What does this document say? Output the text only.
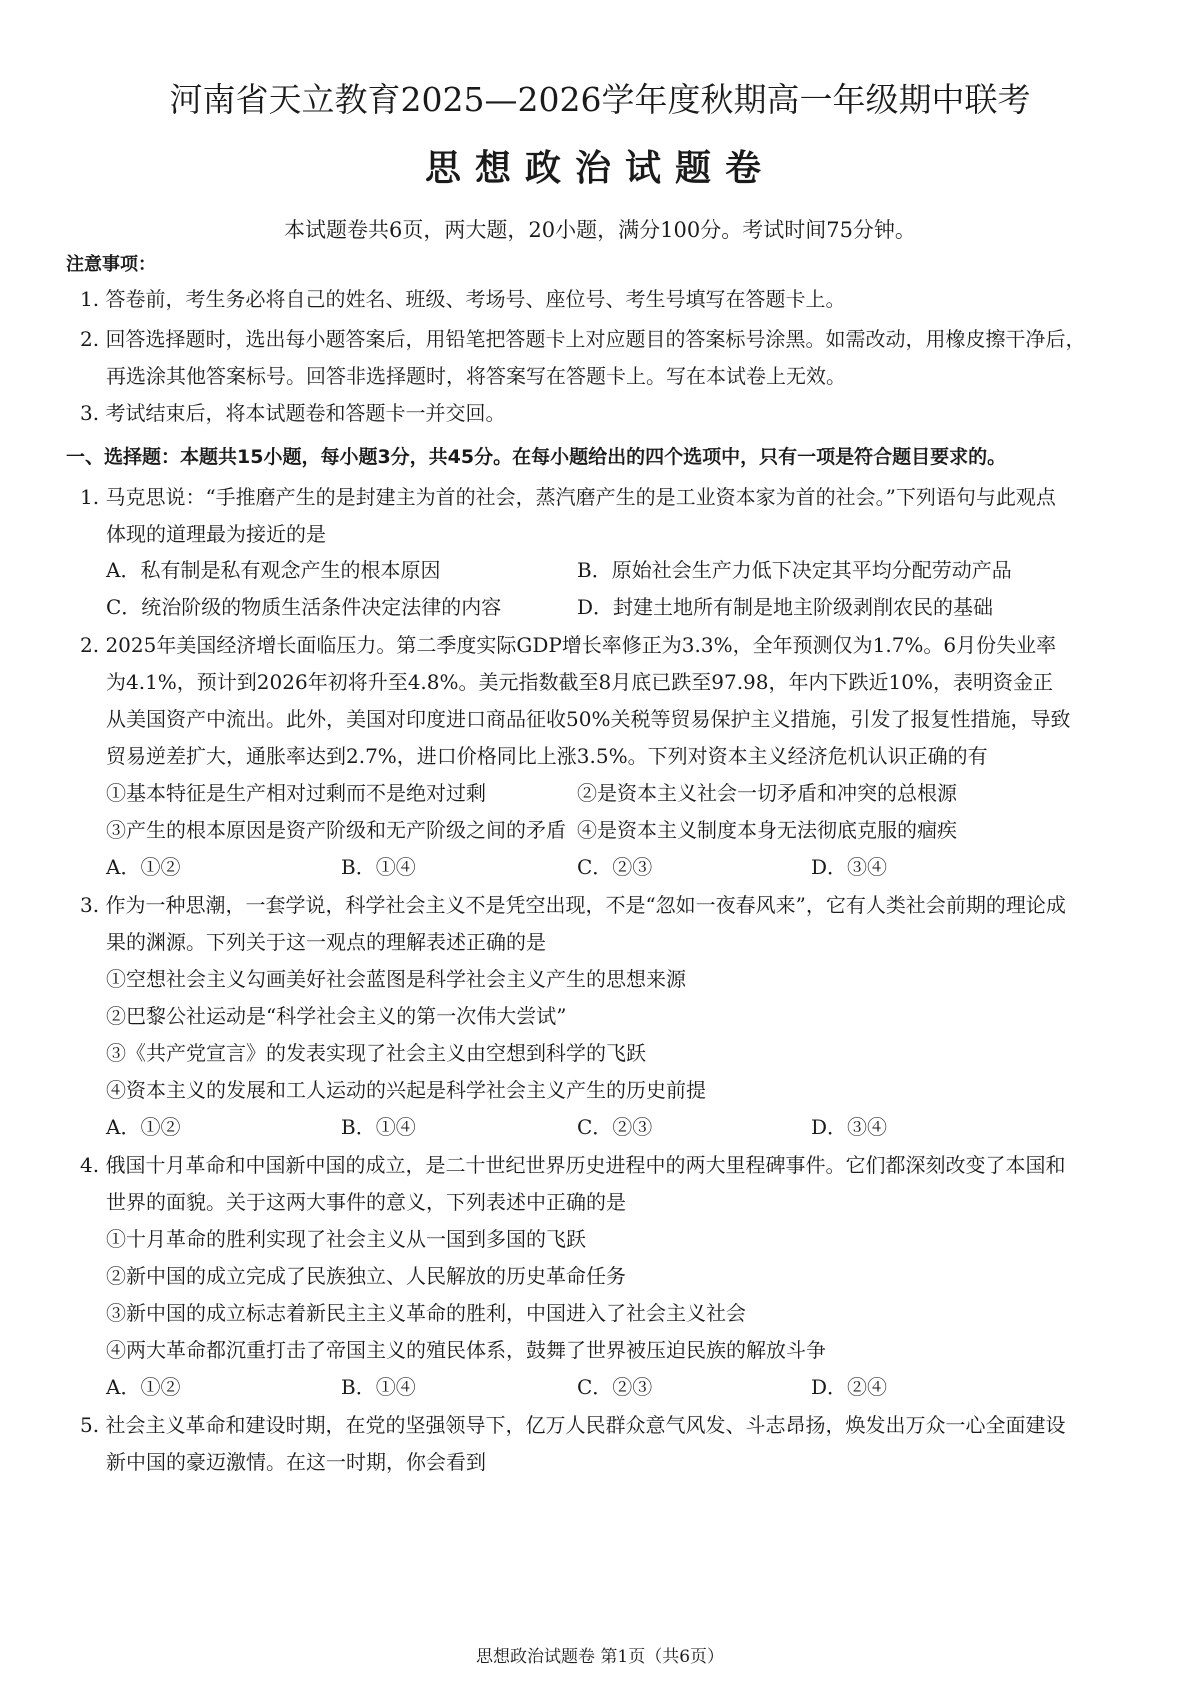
河南省天立教育2025—2026学年度秋期高一年级期中联考
思想政治试题卷
本试题卷共6页，两大题，20小题，满分100分。考试时间75分钟。
注意事项：
1. 答卷前，考生务必将自己的姓名、班级、考场号、座位号、考生号填写在答题卡上。
2. 回答选择题时，选出每小题答案后，用铅笔把答题卡上对应题目的答案标号涂黑。如需改动，用橡皮擦干净后，
再选涂其他答案标号。回答非选择题时，将答案写在答题卡上。写在本试卷上无效。
3. 考试结束后，将本试题卷和答题卡一并交回。
一、选择题：本题共15小题，每小题3分，共45分。在每小题给出的四个选项中，只有一项是符合题目要求的。
1. 马克思说：“手推磨产生的是封建主为首的社会，蒸汽磨产生的是工业资本家为首的社会。”下列语句与此观点
体现的道理最为接近的是
A．私有制是私有观念产生的根本原因	B．原始社会生产力低下决定其平均分配劳动产品
C．统治阶级的物质生活条件决定法律的内容	D．封建土地所有制是地主阶级剥削农民的基础
2. 2025年美国经济增长面临压力。第二季度实际GDP增长率修正为3.3%，全年预测仅为1.7%。6月份失业率
为4.1%，预计到2026年初将升至4.8%。美元指数截至8月底已跌至97.98，年内下跌近10%，表明资金正
从美国资产中流出。此外，美国对印度进口商品征收50%关税等贸易保护主义措施，引发了报复性措施，导致
贸易逆差扩大，通胀率达到2.7%，进口价格同比上涨3.5%。下列对资本主义经济危机认识正确的有
①基本特征是生产相对过剩而不是绝对过剩	②是资本主义社会一切矛盾和冲突的总根源
③产生的根本原因是资产阶级和无产阶级之间的矛盾 ④是资本主义制度本身无法彻底克服的痼疾
A．①②	B．①④	C．②③	D．③④
3. 作为一种思潮，一套学说，科学社会主义不是凭空出现，不是“忽如一夜春风来”，它有人类社会前期的理论成
果的渊源。下列关于这一观点的理解表述正确的是
①空想社会主义勾画美好社会蓝图是科学社会主义产生的思想来源
②巴黎公社运动是“科学社会主义的第一次伟大尝试”
③《共产党宣言》的发表实现了社会主义由空想到科学的飞跃
④资本主义的发展和工人运动的兴起是科学社会主义产生的历史前提
A．①②	B．①④	C．②③	D．③④
4. 俄国十月革命和中国新中国的成立，是二十世纪世界历史进程中的两大里程碑事件。它们都深刻改变了本国和
世界的面貌。关于这两大事件的意义，下列表述中正确的是
①十月革命的胜利实现了社会主义从一国到多国的飞跃
②新中国的成立完成了民族独立、人民解放的历史革命任务
③新中国的成立标志着新民主主义革命的胜利，中国进入了社会主义社会
④两大革命都沉重打击了帝国主义的殖民体系，鼓舞了世界被压迫民族的解放斗争
A．①②	B．①④	C．②③	D．②④
5. 社会主义革命和建设时期，在党的坚强领导下，亿万人民群众意气风发、斗志昂扬，焕发出万众一心全面建设
新中国的豪迈激情。在这一时期，你会看到
思想政治试题卷 第1页（共6页）
